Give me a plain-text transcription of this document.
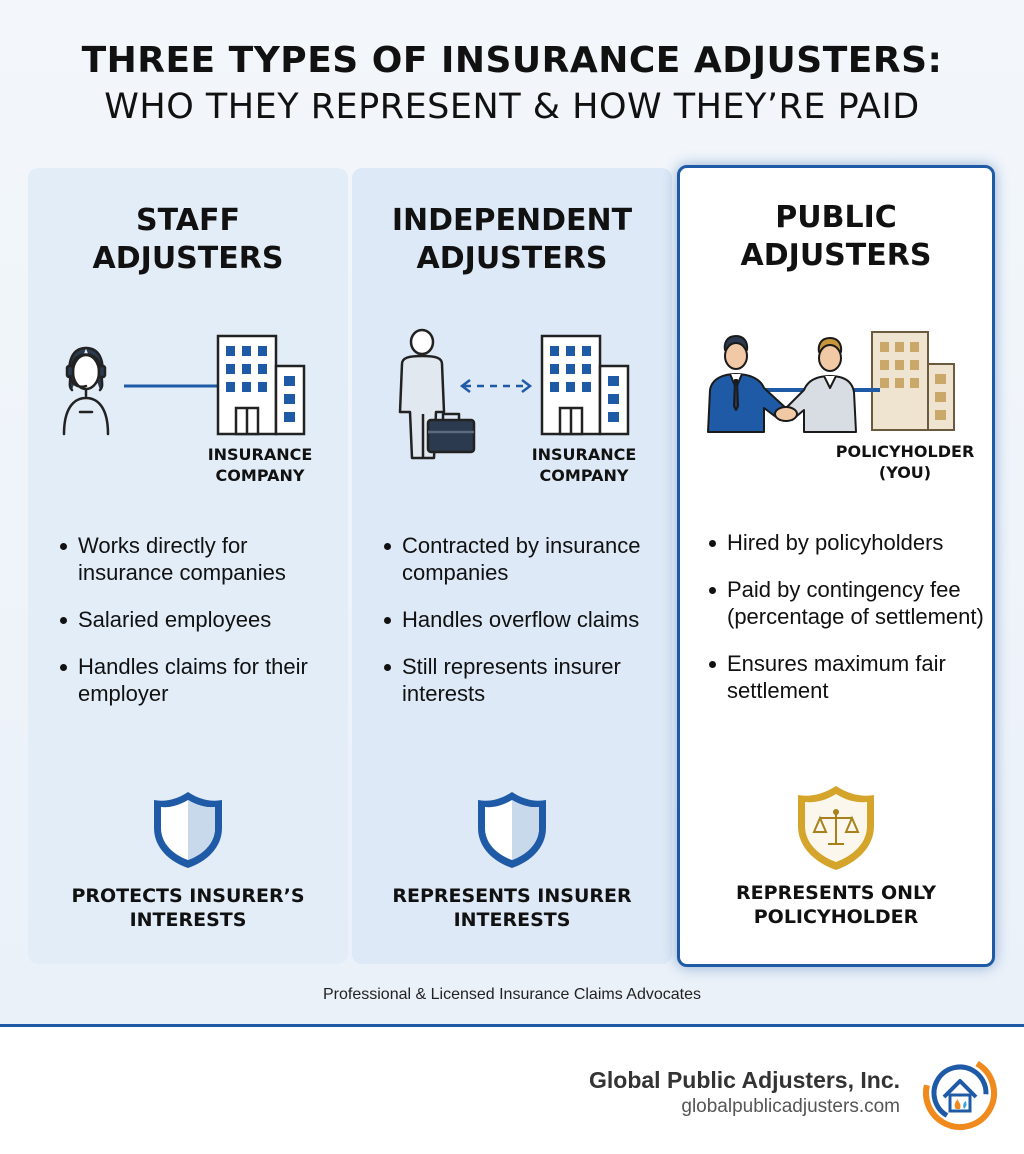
THREE TYPES OF INSURANCE ADJUSTERS:
WHO THEY REPRESENT & HOW THEY’RE PAID
STAFF
ADJUSTERS
INSURANCE
COMPANY
Works directly for insurance companies
Salaried employees
Handles claims for their employer
PROTECTS INSURER’S
INTERESTS
INDEPENDENT
ADJUSTERS
INSURANCE
COMPANY
Contracted by insurance companies
Handles overflow claims
Still represents insurer interests
REPRESENTS INSURER
INTERESTS
PUBLIC
ADJUSTERS
POLICYHOLDER
(YOU)
Hired by policyholders
Paid by contingency fee (percentage of settlement)
Ensures maximum fair settlement
REPRESENTS ONLY
POLICYHOLDER
Professional & Licensed Insurance Claims Advocates
Global Public Adjusters, Inc.
globalpublicadjusters.com
